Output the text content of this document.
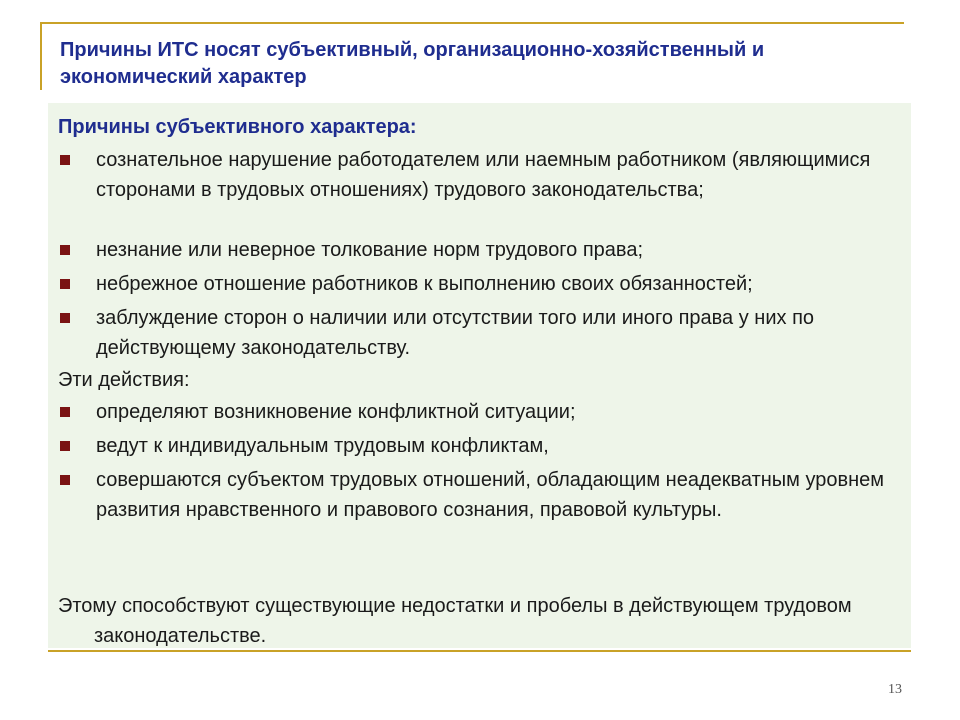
Причины ИТС носят субъективный, организационно-хозяйственный и экономический характер
Причины субъективного характера:
сознательное нарушение работодателем или наемным работником (являющимися сторонами в трудовых отношениях) трудового законодательства;
незнание или неверное толкование норм трудового права;
небрежное отношение работников к выполнению своих обязанностей;
заблуждение сторон о наличии или отсутствии того или иного права у них по действующему законодательству.
Эти действия:
определяют возникновение конфликтной ситуации;
ведут к индивидуальным трудовым конфликтам,
совершаются субъектом трудовых отношений, обладающим неадекватным уровнем развития нравственного и правового сознания, правовой культуры.
Этому способствуют существующие недостатки и пробелы в действующем трудовом законодательстве.
13
